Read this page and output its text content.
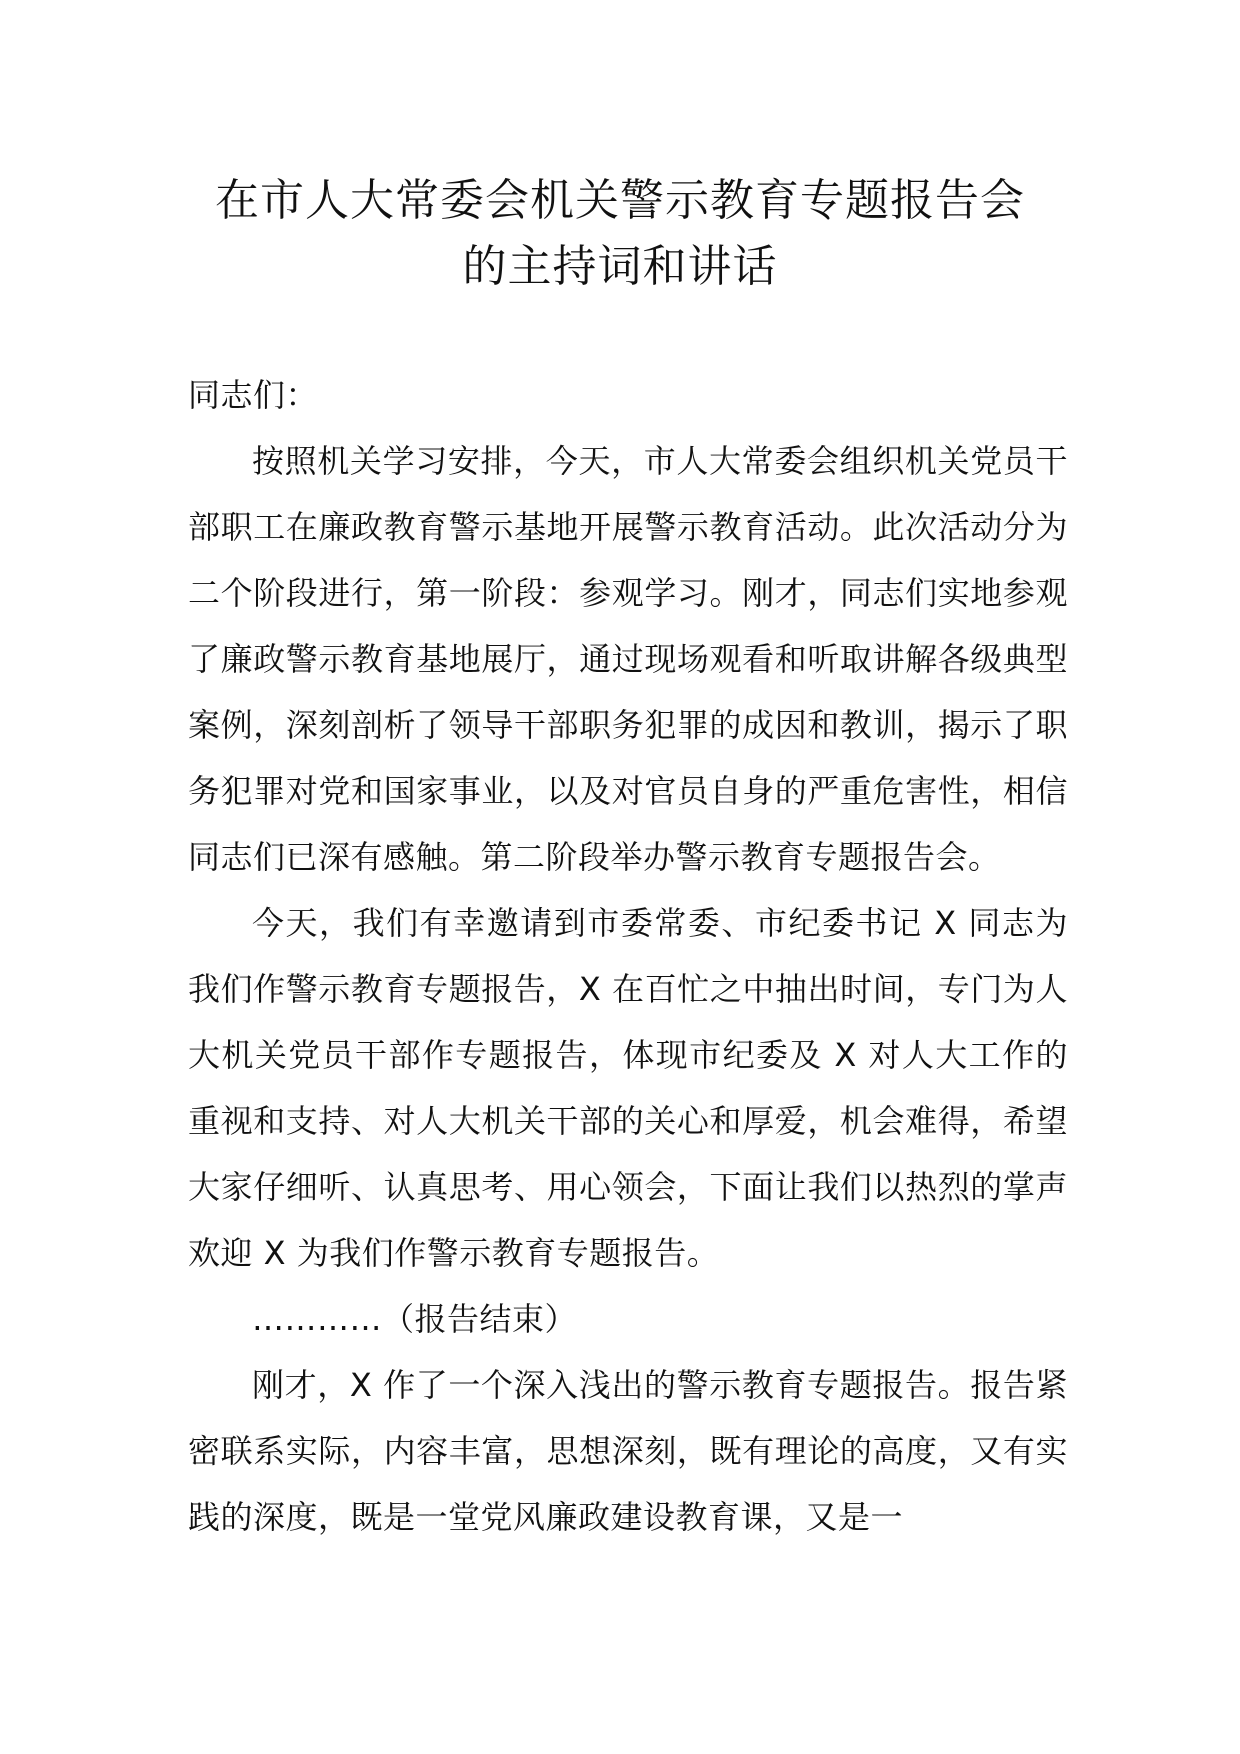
在市人大常委会机关警示教育专题报告会
的主持词和讲话

同志们：

按照机关学习安排，今天，市人大常委会组织机关党员干部职工在廉政教育警示基地开展警示教育活动。此次活动分为二个阶段进行，第一阶段：参观学习。刚才，同志们实地参观了廉政警示教育基地展厅，通过现场观看和听取讲解各级典型案例，深刻剖析了领导干部职务犯罪的成因和教训，揭示了职务犯罪对党和国家事业，以及对官员自身的严重危害性，相信同志们已深有感触。第二阶段举办警示教育专题报告会。

今天，我们有幸邀请到市委常委、市纪委书记 X 同志为我们作警示教育专题报告，X 在百忙之中抽出时间，专门为人大机关党员干部作专题报告，体现市纪委及 X 对人大工作的重视和支持、对人大机关干部的关心和厚爱，机会难得，希望大家仔细听、认真思考、用心领会，下面让我们以热烈的掌声欢迎 X 为我们作警示教育专题报告。

…………（报告结束）

刚才，X 作了一个深入浅出的警示教育专题报告。报告紧密联系实际，内容丰富，思想深刻，既有理论的高度，又有实践的深度，既是一堂党风廉政建设教育课，又是一
